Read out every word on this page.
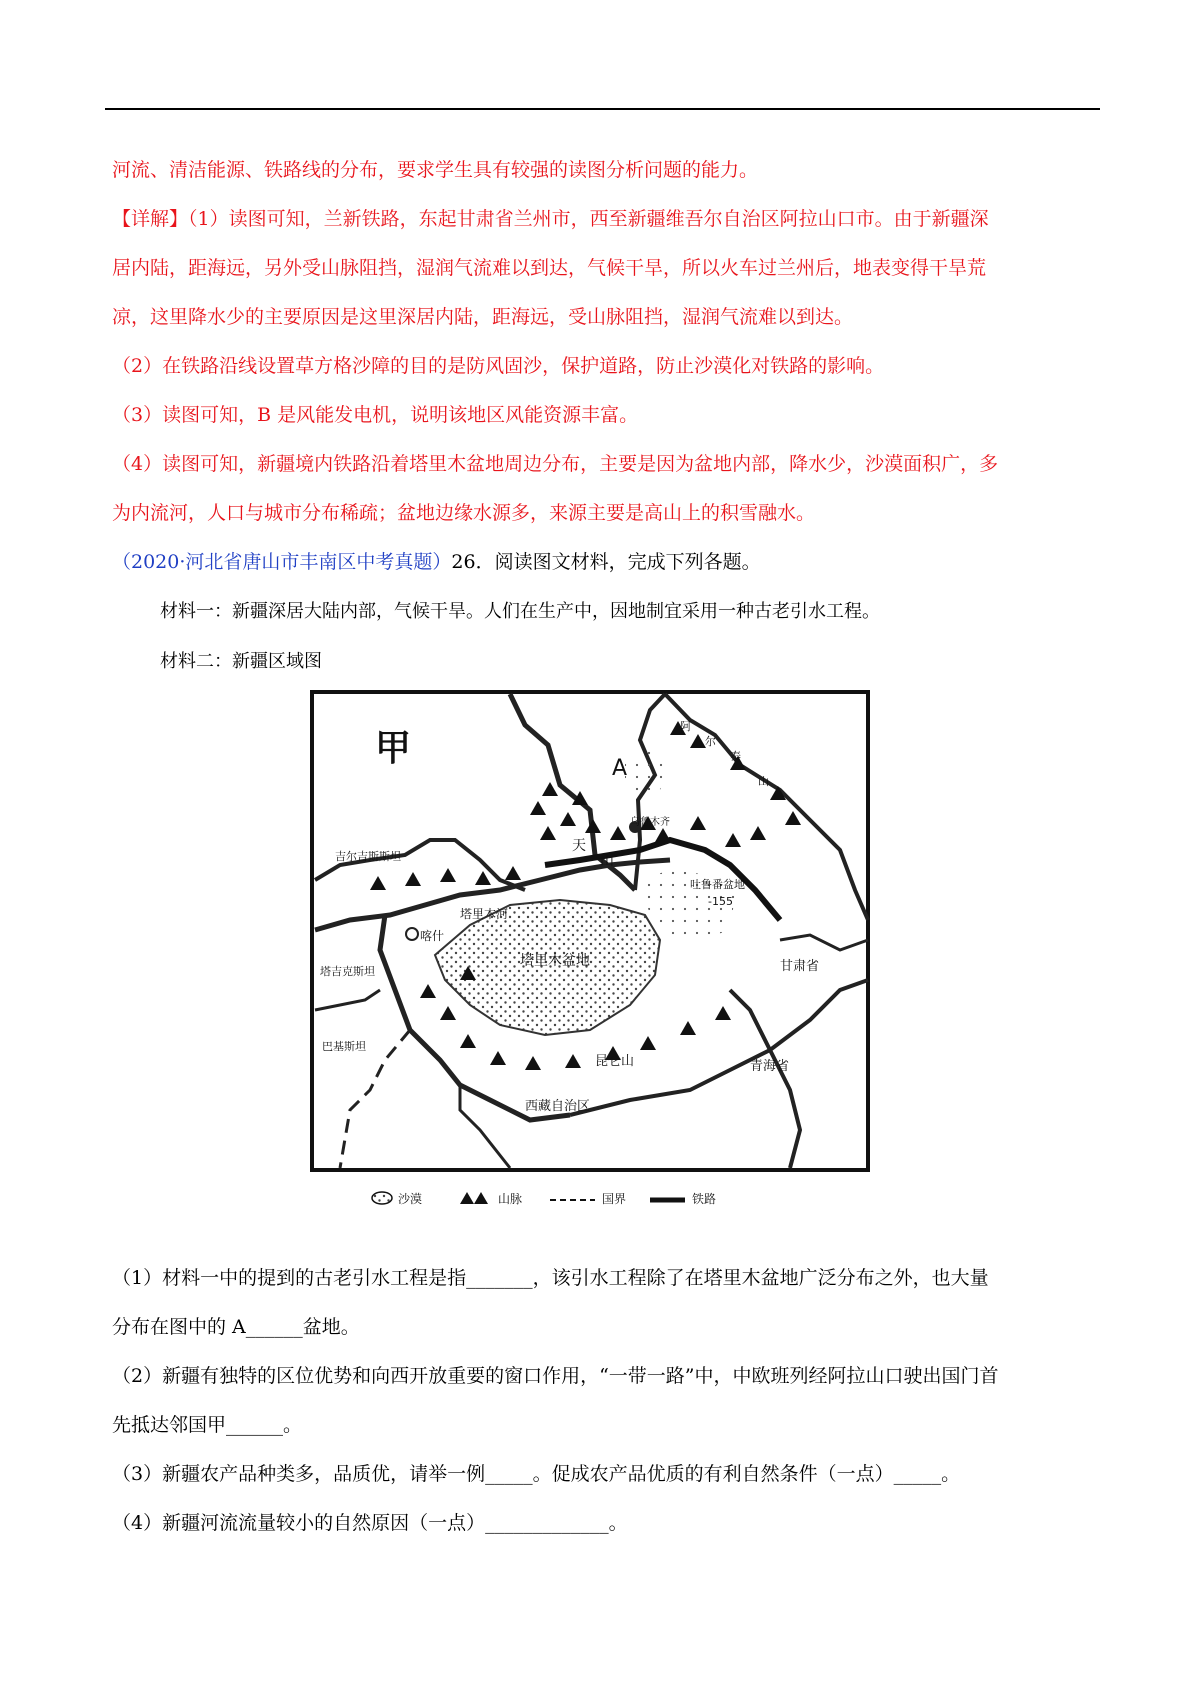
河流、清洁能源、铁路线的分布，要求学生具有较强的读图分析问题的能力。
【详解】（1）读图可知，兰新铁路，东起甘肃省兰州市，西至新疆维吾尔自治区阿拉山口市。由于新疆深
居内陆，距海远，另外受山脉阻挡，湿润气流难以到达，气候干旱，所以火车过兰州后，地表变得干旱荒
凉，这里降水少的主要原因是这里深居内陆，距海远，受山脉阻挡，湿润气流难以到达。
（2）在铁路沿线设置草方格沙障的目的是防风固沙，保护道路，防止沙漠化对铁路的影响。
（3）读图可知，B 是风能发电机，说明该地区风能资源丰富。
（4）读图可知，新疆境内铁路沿着塔里木盆地周边分布，主要是因为盆地内部，降水少，沙漠面积广，多
为内流河，人口与城市分布稀疏；盆地边缘水源多，来源主要是高山上的积雪融水。
（2020·河北省唐山市丰南区中考真题）26．阅读图文材料，完成下列各题。
材料一：新疆深居大陆内部，气候干旱。人们在生产中，因地制宜采用一种古老引水工程。
材料二：新疆区域图
甲	A
吉尔吉斯斯坦
塔吉克斯坦
巴基斯坦
天
山
乌鲁木齐
吐鲁番盆地
-155
塔里木河
喀什
塔里木盆地	甘肃省
青海省
西藏自治区
昆仑山
阿
尔
泰
山
沙漠	山脉	国界	铁路
（1）材料一中的提到的古老引水工程是指_______，该引水工程除了在塔里木盆地广泛分布之外，也大量
分布在图中的 A______盆地。
（2）新疆有独特的区位优势和向西开放重要的窗口作用，“一带一路”中，中欧班列经阿拉山口驶出国门首
先抵达邻国甲______。
（3）新疆农产品种类多，品质优，请举一例_____。促成农产品优质的有利自然条件（一点）_____。
（4）新疆河流流量较小的自然原因（一点）_____________。
